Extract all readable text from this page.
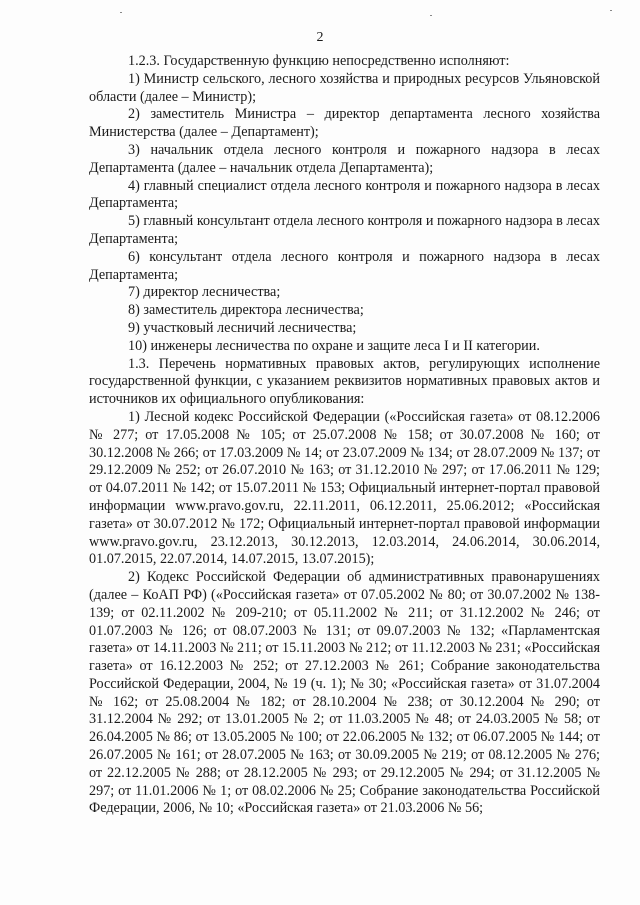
2

1.2.3. Государственную функцию непосредственно исполняют:

1) Министр сельского, лесного хозяйства и природных ресурсов Ульяновской области (далее – Министр);

2) заместитель Министра – директор департамента лесного хозяйства Министерства (далее – Департамент);

3) начальник отдела лесного контроля и пожарного надзора в лесах Департамента (далее – начальник отдела Департамента);

4) главный специалист отдела лесного контроля и пожарного надзора в лесах Департамента;

5) главный консультант отдела лесного контроля и пожарного надзора в лесах Департамента;

6) консультант отдела лесного контроля и пожарного надзора в лесах Департамента;

7) директор лесничества;

8) заместитель директора лесничества;

9) участковый лесничий лесничества;

10) инженеры лесничества по охране и защите леса I и II категории.

1.3. Перечень нормативных правовых актов, регулирующих исполнение государственной функции, с указанием реквизитов нормативных правовых актов и источников их официального опубликования:

1) Лесной кодекс Российской Федерации («Российская газета» от 08.12.2006 № 277; от 17.05.2008 № 105; от 25.07.2008 № 158; от 30.07.2008 № 160; от 30.12.2008 № 266; от 17.03.2009 № 14; от 23.07.2009 № 134; от 28.07.2009 № 137; от 29.12.2009 № 252; от 26.07.2010 № 163; от 31.12.2010 № 297; от 17.06.2011 № 129; от 04.07.2011 № 142; от 15.07.2011 № 153; Официальный интернет-портал правовой информации www.pravo.gov.ru, 22.11.2011, 06.12.2011, 25.06.2012; «Российская газета» от 30.07.2012 № 172; Официальный интернет-портал правовой информации www.pravo.gov.ru, 23.12.2013, 30.12.2013, 12.03.2014, 24.06.2014, 30.06.2014, 01.07.2015, 22.07.2014, 14.07.2015, 13.07.2015);

2) Кодекс Российской Федерации об административных правонарушениях (далее – КоАП РФ) («Российская газета» от 07.05.2002 № 80; от 30.07.2002 № 138-139; от 02.11.2002 № 209-210; от 05.11.2002 № 211; от 31.12.2002 № 246; от 01.07.2003 № 126; от 08.07.2003 № 131; от 09.07.2003 № 132; «Парламентская газета» от 14.11.2003 № 211; от 15.11.2003 № 212; от 11.12.2003 № 231; «Российская газета» от 16.12.2003 № 252; от 27.12.2003 № 261; Собрание законодательства Российской Федерации, 2004, № 19 (ч. 1); № 30; «Российская газета» от 31.07.2004 № 162; от 25.08.2004 № 182; от 28.10.2004 № 238; от 30.12.2004 № 290; от 31.12.2004 № 292; от 13.01.2005 № 2; от 11.03.2005 № 48; от 24.03.2005 № 58; от 26.04.2005 № 86; от 13.05.2005 № 100; от 22.06.2005 № 132; от 06.07.2005 № 144; от 26.07.2005 № 161; от 28.07.2005 № 163; от 30.09.2005 № 219; от 08.12.2005 № 276; от 22.12.2005 № 288; от 28.12.2005 № 293; от 29.12.2005 № 294; от 31.12.2005 № 297; от 11.01.2006 № 1; от 08.02.2006 № 25; Собрание законодательства Российской Федерации, 2006, № 10; «Российская газета» от 21.03.2006 № 56;
